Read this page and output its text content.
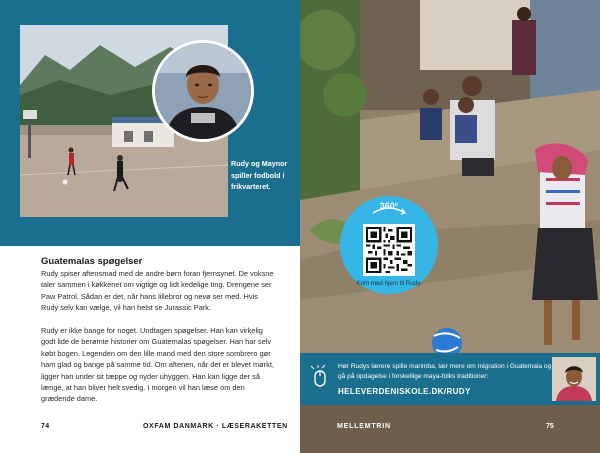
Rudy og Maynor spiller fodbold i frikvarteret.
Guatemalas spøgelser

Rudy spiser aftensmad med de andre børn foran fjernsynet. De voksne taler sammen i køkkenet om vigtige og lidt kedelige ting. Drengene ser Paw Patrol. Sådan er det, når hans lillebror og nevø ser med. Hvis Rudy selv kan vælge, vil han helst se Jurassic Park.

Rudy er ikke bange for noget. Undtagen spøgelser. Han kan virkelig godt lide de berømte historier om Guatemalas spøgelser. Han har selv købt bogen. Legenden om den lille mand med den store sombrero gør ham glad og bange på samme tid. Om aftenen, når det er blevet mørkt, ligger han under sit tæppe og nyder uhyggen. Han kan ligge der så længe, at han bliver helt svedig. I morgen vil han læse om den grædende dame.

74	OXFAM DANMARK · LÆSERAKETTEN
360°
Kom med hjem til Rudy.
Hør Rudys lærere spille marimba, lær mere om migration i Guatemala og gå på opdagelse i forskellige maya-folks traditioner:
HELEVERDENISKOLE.DK/RUDY
MELLEMTRIN	75
